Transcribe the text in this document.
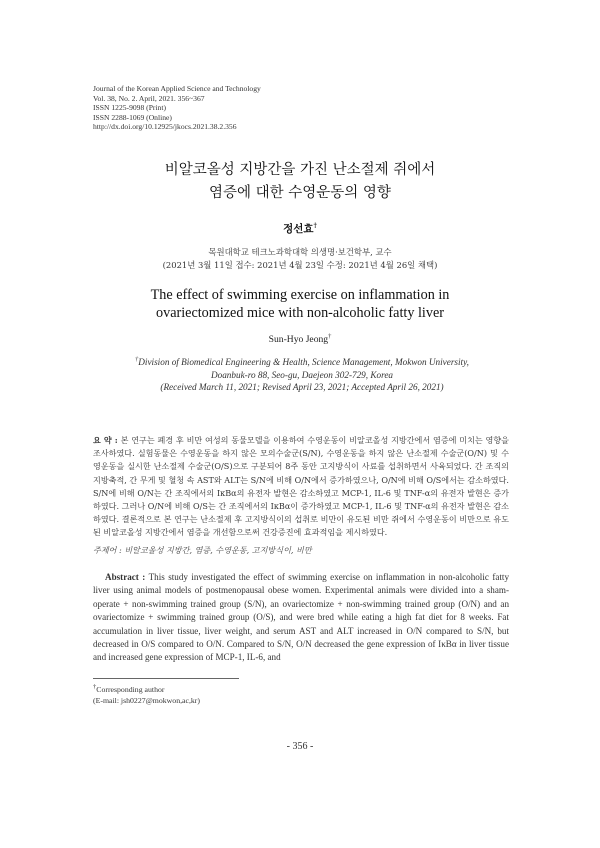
Journal of the Korean Applied Science and Technology
Vol. 38, No. 2. April, 2021. 356~367
ISSN 1225-9098 (Print)
ISSN 2288-1069 (Online)
http://dx.doi.org/10.12925/jkocs.2021.38.2.356
비알코올성 지방간을 가진 난소절제 쥐에서
염증에 대한 수영운동의 영향
정선효†
목원대학교 테크노과학대학 의생명·보건학부, 교수
(2021년 3월 11일 접수: 2021년 4월 23일 수정: 2021년 4월 26일 채택)
The effect of swimming exercise on inflammation in
ovariectomized mice with non-alcoholic fatty liver
Sun-Hyo Jeong†
†Division of Biomedical Engineering & Health, Science Management, Mokwon University,
Doanbuk-ro 88, Seo-gu, Daejeon 302-729, Korea
(Received March 11, 2021; Revised April 23, 2021; Accepted April 26, 2021)
요 약 : 본 연구는 폐경 후 비만 여성의 동물모델을 이용하여 수영운동이 비알코올성 지방간에서 염증에 미치는 영향을 조사하였다. 실험동물은 수영운동을 하지 않은 모의수술군(S/N), 수영운동을 하지 않은 난소절제 수술군(O/N) 및 수영운동을 실시한 난소절제 수술군(O/S)으로 구분되어 8주 동안 고지방식이 사료를 섭취하면서 사육되었다. 간 조직의 지방축적, 간 무게 및 혈청 속 AST와 ALT는 S/N에 비해 O/N에서 증가하였으나, O/N에 비해 O/S에서는 감소하였다. S/N에 비해 O/N는 간 조직에서의 IκBα의 유전자 발현은 감소하였고 MCP-1, IL-6 및 TNF-α의 유전자 발현은 증가하였다. 그러나 O/N에 비해 O/S는 간 조직에서의 IκBα이 증가하였고 MCP-1, IL-6 및 TNF-α의 유전자 발현은 감소하였다. 결론적으로 본 연구는 난소절제 후 고지방식이의 섭취로 비만이 유도된 비만 쥐에서 수영운동이 비만으로 유도된 비알코올성 지방간에서 염증을 개선함으로써 건강증진에 효과적임을 제시하였다.
주제어 : 비알코올성 지방간, 염증, 수영운동, 고지방식이, 비만
Abstract : This study investigated the effect of swimming exercise on inflammation in non-alcoholic fatty liver using animal models of postmenopausal obese women. Experimental animals were divided into a sham-operate + non-swimming trained group (S/N), an ovariectomize + non-swimming trained group (O/N) and an ovariectomize + swimming trained group (O/S), and were bred while eating a high fat diet for 8 weeks. Fat accumulation in liver tissue, liver weight, and serum AST and ALT increased in O/N compared to S/N, but decreased in O/S compared to O/N. Compared to S/N, O/N decreased the gene expression of IκBα in liver tissue and increased gene expression of MCP-1, IL-6, and
†Corresponding author
(E-mail: jsh0227@mokwon,ac,kr)
- 356 -
